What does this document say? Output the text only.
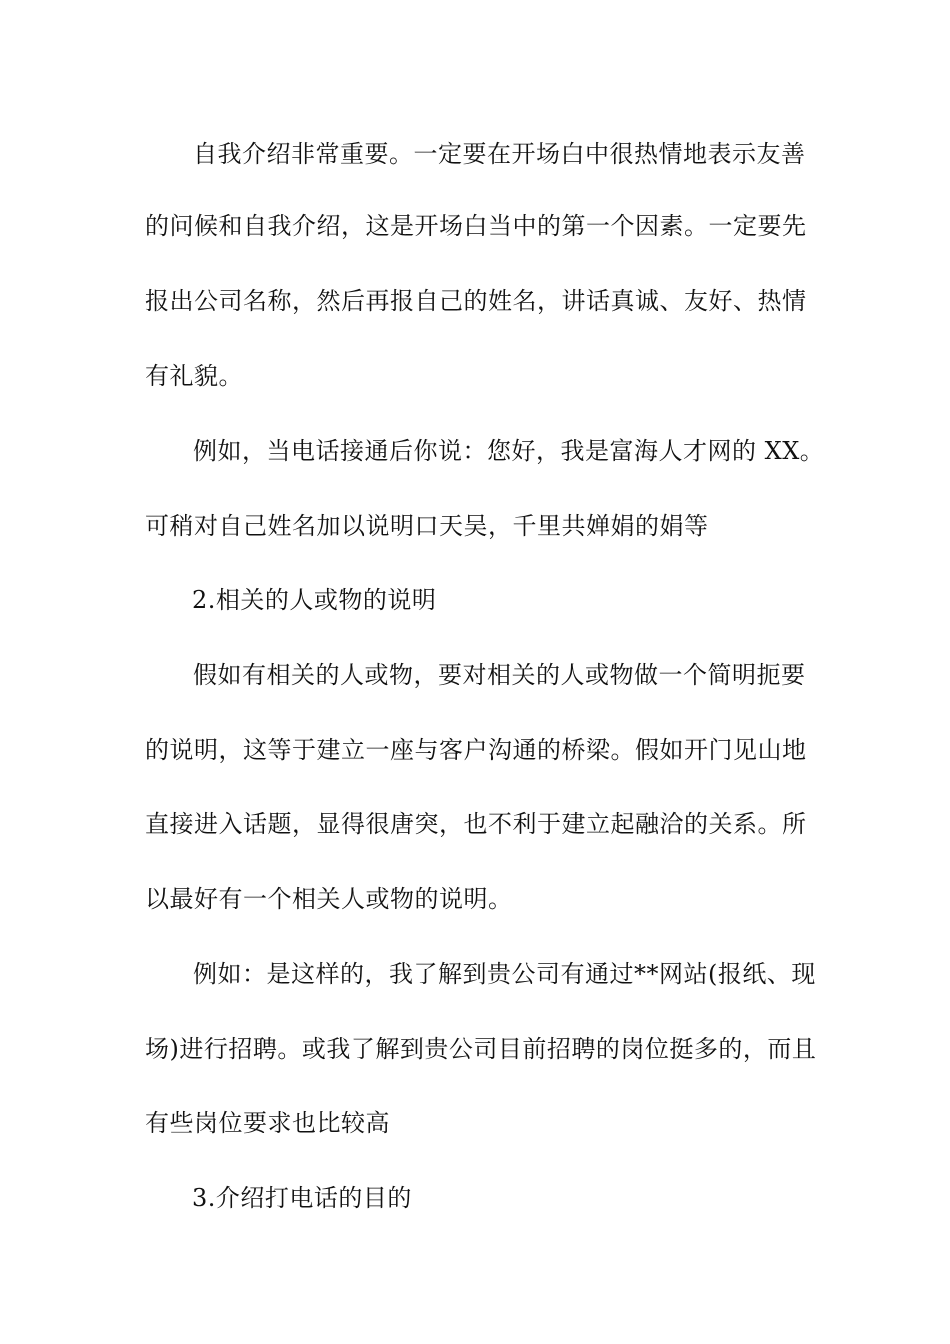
自我介绍非常重要。一定要在开场白中很热情地表示友善
的问候和自我介绍，这是开场白当中的第一个因素。一定要先
报出公司名称，然后再报自己的姓名，讲话真诚、友好、热情
有礼貌。
例如，当电话接通后你说：您好，我是富海人才网的 XX。
可稍对自己姓名加以说明口天吴，千里共婵娟的娟等
2.相关的人或物的说明
假如有相关的人或物，要对相关的人或物做一个简明扼要
的说明，这等于建立一座与客户沟通的桥梁。假如开门见山地
直接进入话题，显得很唐突，也不利于建立起融洽的关系。所
以最好有一个相关人或物的说明。
例如：是这样的，我了解到贵公司有通过**网站(报纸、现
场)进行招聘。或我了解到贵公司目前招聘的岗位挺多的，而且
有些岗位要求也比较高
3.介绍打电话的目的
